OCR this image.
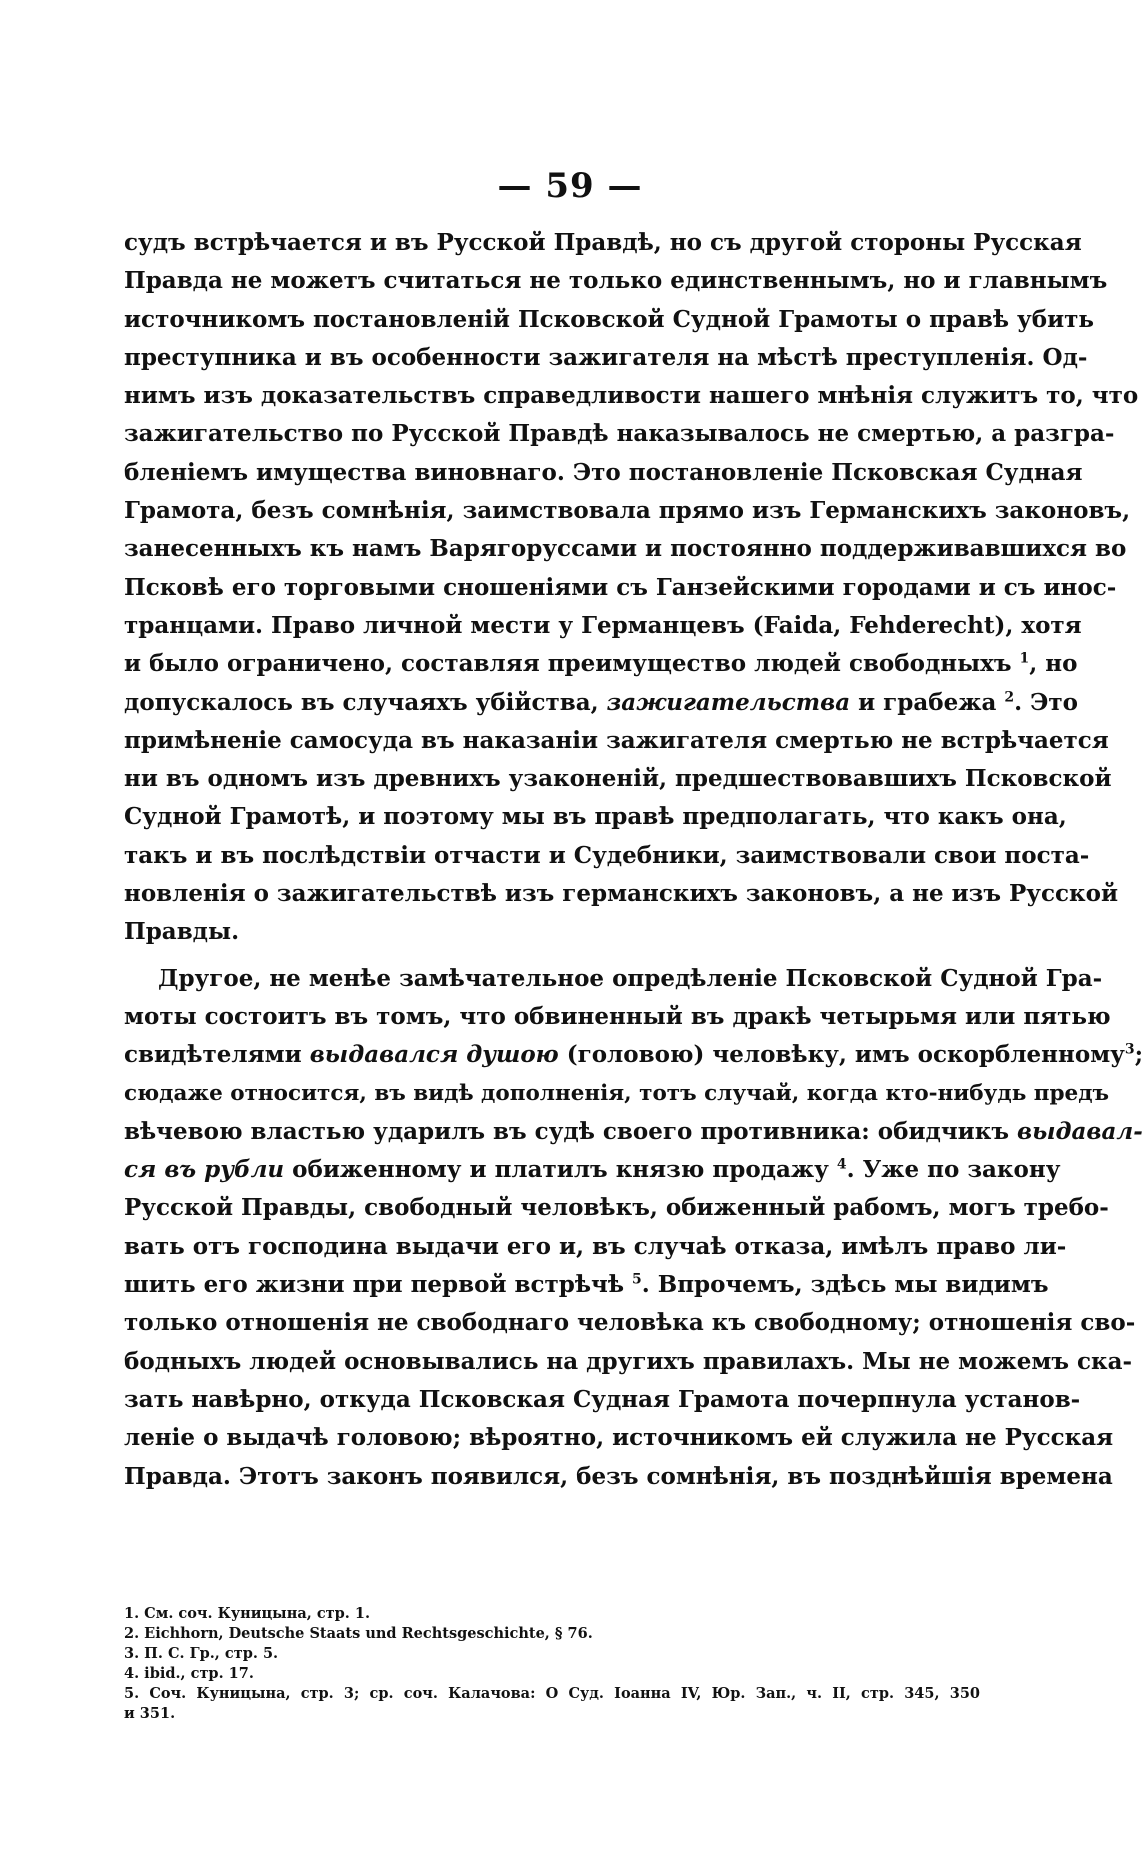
— 59 —
судъ встрѣчается и въ Русской Правдѣ, но съ другой стороны Русская
Правда не можетъ считаться не только единственнымъ, но и главнымъ
источникомъ постановленій Псковской Судной Грамоты о правѣ убить
преступника и въ особенности зажигателя на мѣстѣ преступленія. Од-
нимъ изъ доказательствъ справедливости нашего мнѣнія служитъ то, что
зажигательство по Русской Правдѣ наказывалось не смертью, а разгра-
бленіемъ имущества виновнаго. Это постановленіе Псковская Судная
Грамота, безъ сомнѣнія, заимствовала прямо изъ Германскихъ законовъ,
занесенныхъ къ намъ Варягоруссами и постоянно поддерживавшихся во
Псковѣ его торговыми сношеніями съ Ганзейскими городами и съ инос-
транцами. Право личной мести у Германцевъ (Faida, Fehderecht), хотя
и было ограничено, составляя преимущество людей свободныхъ $^1$, но
допускалось въ случаяхъ убійства, зажигательства и грабежа $^2$. Это
примѣненіе самосуда въ наказаніи зажигателя смертью не встрѣчается
ни въ одномъ изъ древнихъ узаконеній, предшествовавшихъ Псковской
Судной Грамотѣ, и поэтому мы въ правѣ предполагать, что какъ она,
такъ и въ послѣдствіи отчасти и Судебники, заимствовали свои поста-
новленія о зажигательствѣ изъ германскихъ законовъ, а не изъ Русской
Правды.
Другое, не менѣе замѣчательное опредѣленіе Псковской Судной Гра-
моты состоитъ въ томъ, что обвиненный въ дракѣ четырьмя или пятью
свидѣтелями выдавался душою (головою) человѣку, имъ оскорбленному$^3$;
сюдаже относится, въ видѣ дополненія, тотъ случай, когда кто-нибудь предъ
вѣчевою властью ударилъ въ судѣ своего противника: обидчикъ выдавал-
ся въ рубли обиженному и платилъ князю продажу $^4$. Уже по закону
Русской Правды, свободный человѣкъ, обиженный рабомъ, могъ требо-
вать отъ господина выдачи его и, въ случаѣ отказа, имѣлъ право ли-
шить его жизни при первой встрѣчѣ $^5$. Впрочемъ, здѣсь мы видимъ
только отношенія не свободнаго человѣка къ свободному; отношенія сво-
бодныхъ людей основывались на другихъ правилахъ. Мы не можемъ ска-
зать навѣрно, откуда Псковская Судная Грамота почерпнула установ-
леніе о выдачѣ головою; вѣроятно, источникомъ ей служила не Русская
Правда. Этотъ законъ появился, безъ сомнѣнія, въ позднѣйшія времена
1. См. соч. Куницына, стр. 1.
2. Eichhorn, Deutsche Staats und Rechtsgeschichte, § 76.
3. П. С. Гр., стр. 5.
4. ibid., стр. 17.
5. Соч. Куницына, стр. 3; ср. соч. Калачова: О Суд. Іоанна IV, Юр. Зап., ч. II, стр. 345, 350
и 351.
